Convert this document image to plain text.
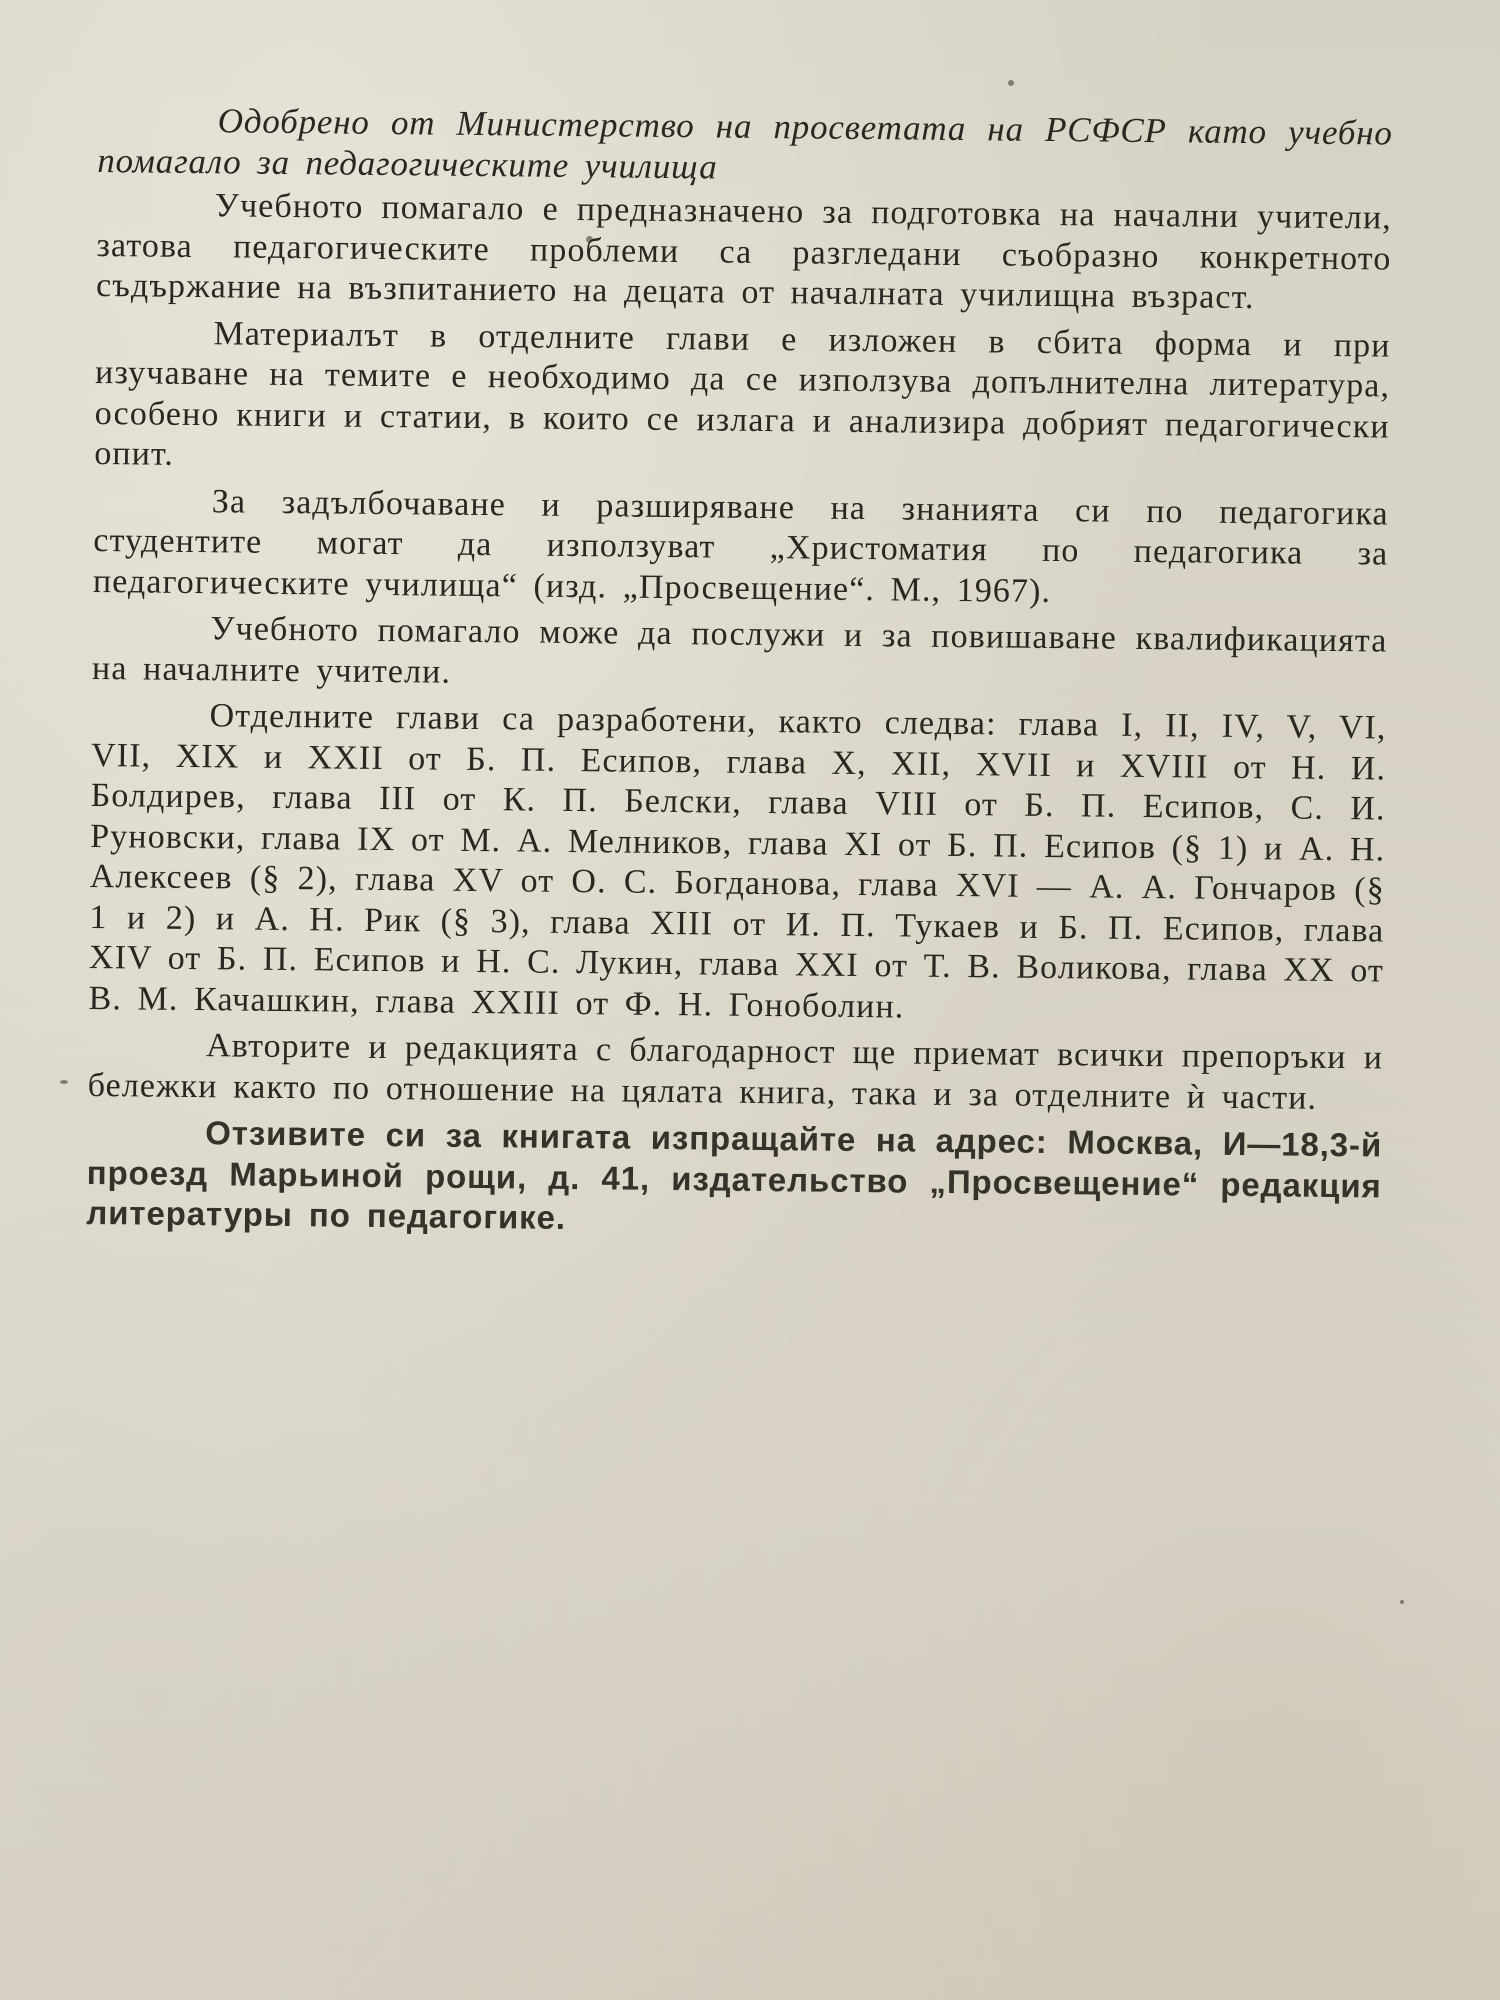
Одобрено от Министерство на просветата на РСФСР като учебно помагало за педагогическите училища

Учебното помагало е предназначено за подготовка на начални учители, затова педагогическите проблеми са разгледани съобразно конкретното съдържание на възпитанието на децата от началната училищна възраст.

Материалът в отделните глави е изложен в сбита форма и при изучаване на темите е необходимо да се използува допълнителна литература, особено книги и статии, в които се излага и анализира добрият педагогически опит.

За задълбочаване и разширяване на знанията си по педагогика студентите могат да използуват „Христоматия по педагогика за педагогическите училища“ (изд. „Просвещение“. М., 1967).

Учебното помагало може да послужи и за повишаване квалификацията на началните учители.

Отделните глави са разработени, както следва: глава I, II, IV, V, VI, VII, XIX и XXII от Б. П. Есипов, глава X, XII, XVII и XVIII от Н. И. Болдирев, глава III от К. П. Белски, глава VIII от Б. П. Есипов, С. И. Руновски, глава IX от М. А. Мелников, глава XI от Б. П. Есипов (§ 1) и А. Н. Алексеев (§ 2), глава XV от О. С. Богданова, глава XVI — А. А. Гончаров (§ 1 и 2) и А. Н. Рик (§ 3), глава XIII от И. П. Тукаев и Б. П. Есипов, глава XIV от Б. П. Есипов и Н. С. Лукин, глава XXI от Т. В. Воликова, глава XX от В. М. Качашкин, глава XXIII от Ф. Н. Гоноболин.

Авторите и редакцията с благодарност ще приемат всички препоръки и бележки както по отношение на цялата книга, така и за отделните ѝ части.

Отзивите си за книгата изпращайте на адрес: Москва, И—18,3-й проезд Марьиной рощи, д. 41, издательство „Просвещение“ редакция литературы по педагогике.
